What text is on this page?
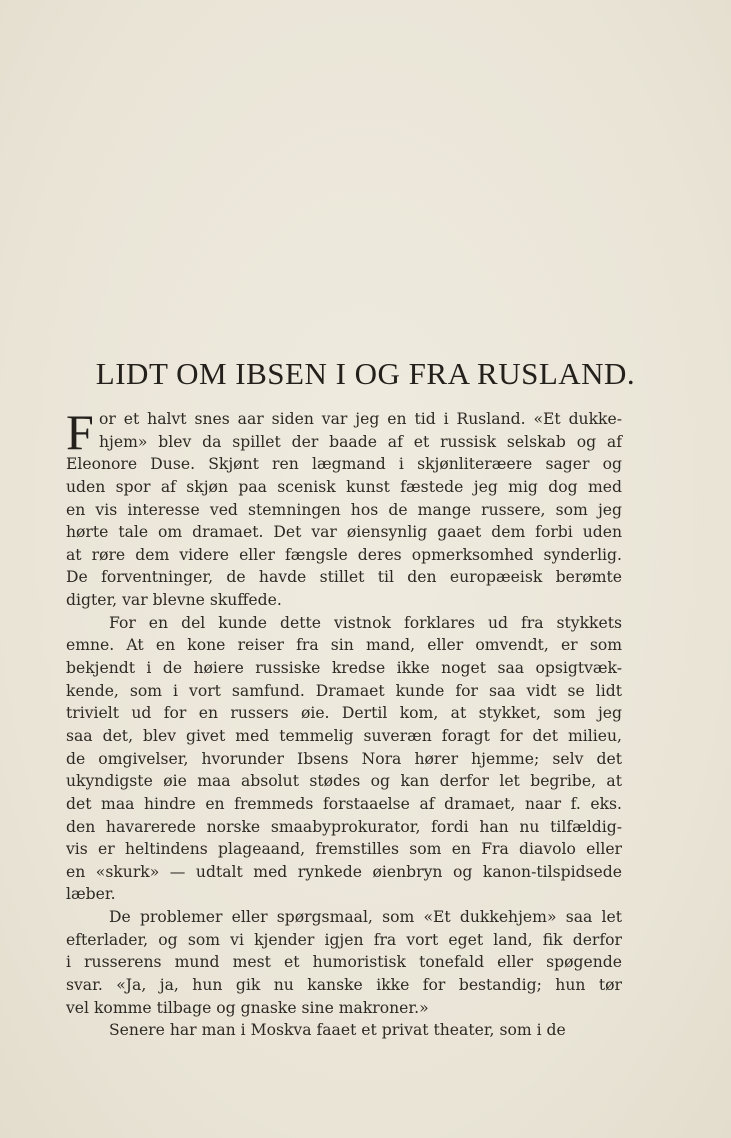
LIDT OM IBSEN I OG FRA RUSLAND.
F or et halvt snes aar siden var jeg en tid i Rusland. «Et dukke-
hjem» blev da spillet der baade af et russisk selskab og af
Eleonore Duse. Skjønt ren lægmand i skjønliteræere sager og
uden spor af skjøn paa scenisk kunst fæstede jeg mig dog med
en vis interesse ved stemningen hos de mange russere, som jeg
hørte tale om dramaet. Det var øiensynlig gaaet dem forbi uden
at røre dem videre eller fængsle deres opmerksomhed synderlig.
De forventninger, de havde stillet til den europæeisk berømte
digter, var blevne skuffede.
For en del kunde dette vistnok forklares ud fra stykkets
emne. At en kone reiser fra sin mand, eller omvendt, er som
bekjendt i de høiere russiske kredse ikke noget saa opsigtvæk-
kende, som i vort samfund. Dramaet kunde for saa vidt se lidt
trivielt ud for en russers øie. Dertil kom, at stykket, som jeg
saa det, blev givet med temmelig suveræn foragt for det milieu,
de omgivelser, hvorunder Ibsens Nora hører hjemme; selv det
ukyndigste øie maa absolut stødes og kan derfor let begribe, at
det maa hindre en fremmeds forstaaelse af dramaet, naar f. eks.
den havarerede norske smaabyprokurator, fordi han nu tilfældig-
vis er heltindens plageaand, fremstilles som en Fra diavolo eller
en «skurk» — udtalt med rynkede øienbryn og kanon-tilspidsede
læber.
De problemer eller spørgsmaal, som «Et dukkehjem» saa let
efterlader, og som vi kjender igjen fra vort eget land, fik derfor
i russerens mund mest et humoristisk tonefald eller spøgende
svar. «Ja, ja, hun gik nu kanske ikke for bestandig; hun tør
vel komme tilbage og gnaske sine makroner.»
Senere har man i Moskva faaet et privat theater, som i de
